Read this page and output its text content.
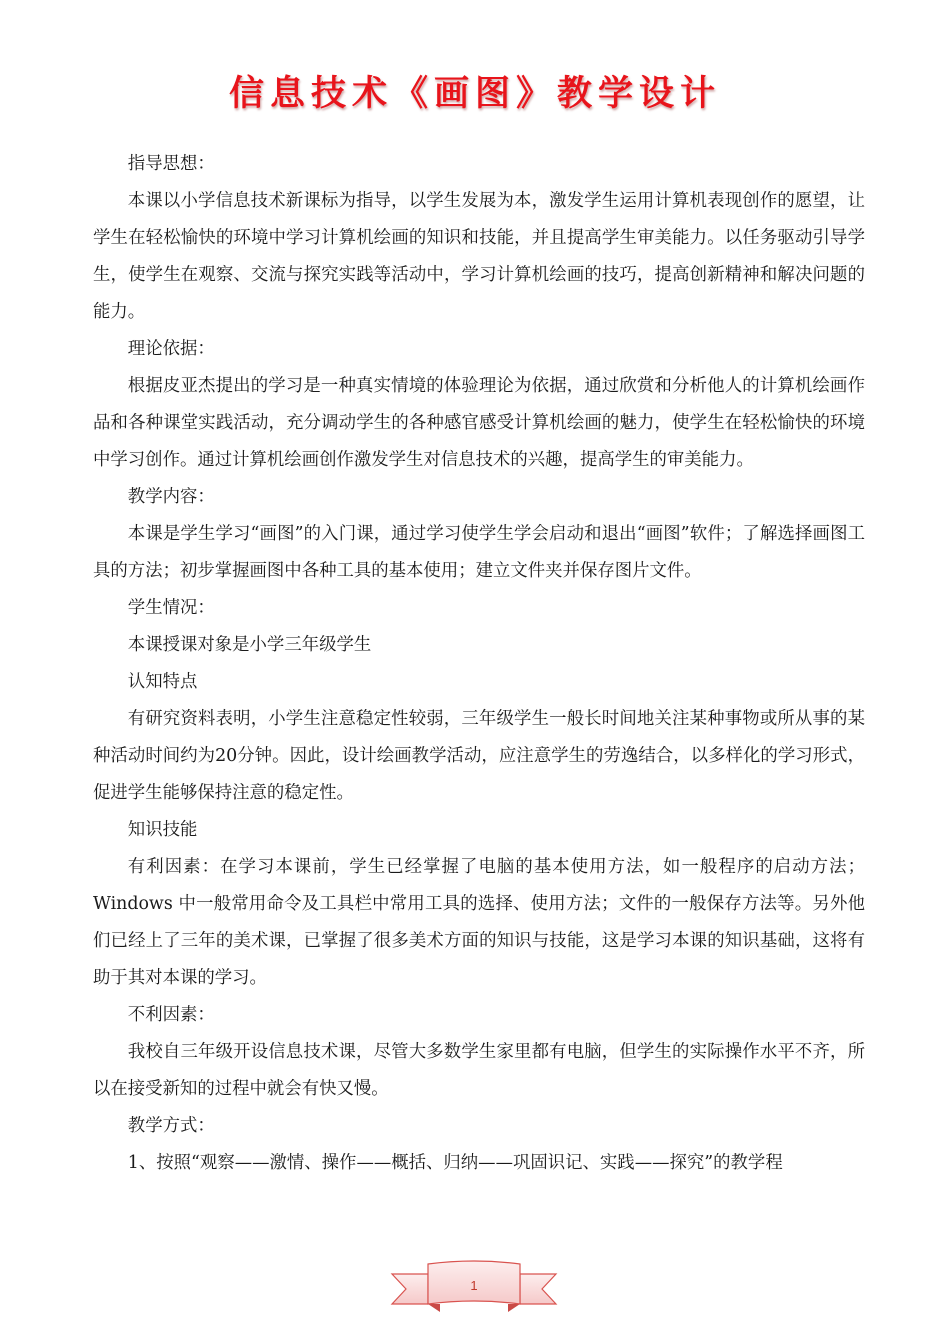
信息技术《画图》教学设计

指导思想：

本课以小学信息技术新课标为指导，以学生发展为本，激发学生运用计算机表现创作的愿望，让学生在轻松愉快的环境中学习计算机绘画的知识和技能，并且提高学生审美能力。以任务驱动引导学生，使学生在观察、交流与探究实践等活动中，学习计算机绘画的技巧，提高创新精神和解决问题的能力。

理论依据：

根据皮亚杰提出的学习是一种真实情境的体验理论为依据，通过欣赏和分析他人的计算机绘画作品和各种课堂实践活动，充分调动学生的各种感官感受计算机绘画的魅力，使学生在轻松愉快的环境中学习创作。通过计算机绘画创作激发学生对信息技术的兴趣，提高学生的审美能力。

教学内容：

本课是学生学习“画图”的入门课，通过学习使学生学会启动和退出“画图”软件；了解选择画图工具的方法；初步掌握画图中各种工具的基本使用；建立文件夹并保存图片文件。

学生情况：

本课授课对象是小学三年级学生

认知特点

有研究资料表明，小学生注意稳定性较弱，三年级学生一般长时间地关注某种事物或所从事的某种活动时间约为20分钟。因此，设计绘画教学活动，应注意学生的劳逸结合，以多样化的学习形式，促进学生能够保持注意的稳定性。

知识技能

有利因素：在学习本课前，学生已经掌握了电脑的基本使用方法，如一般程序的启动方法；Windows 中一般常用命令及工具栏中常用工具的选择、使用方法；文件的一般保存方法等。另外他们已经上了三年的美术课，已掌握了很多美术方面的知识与技能，这是学习本课的知识基础，这将有助于其对本课的学习。

不利因素：

我校自三年级开设信息技术课，尽管大多数学生家里都有电脑，但学生的实际操作水平不齐，所以在接受新知的过程中就会有快又慢。

教学方式：

1、按照“观察——激情、操作——概括、归纳——巩固识记、实践——探究”的教学程

1
